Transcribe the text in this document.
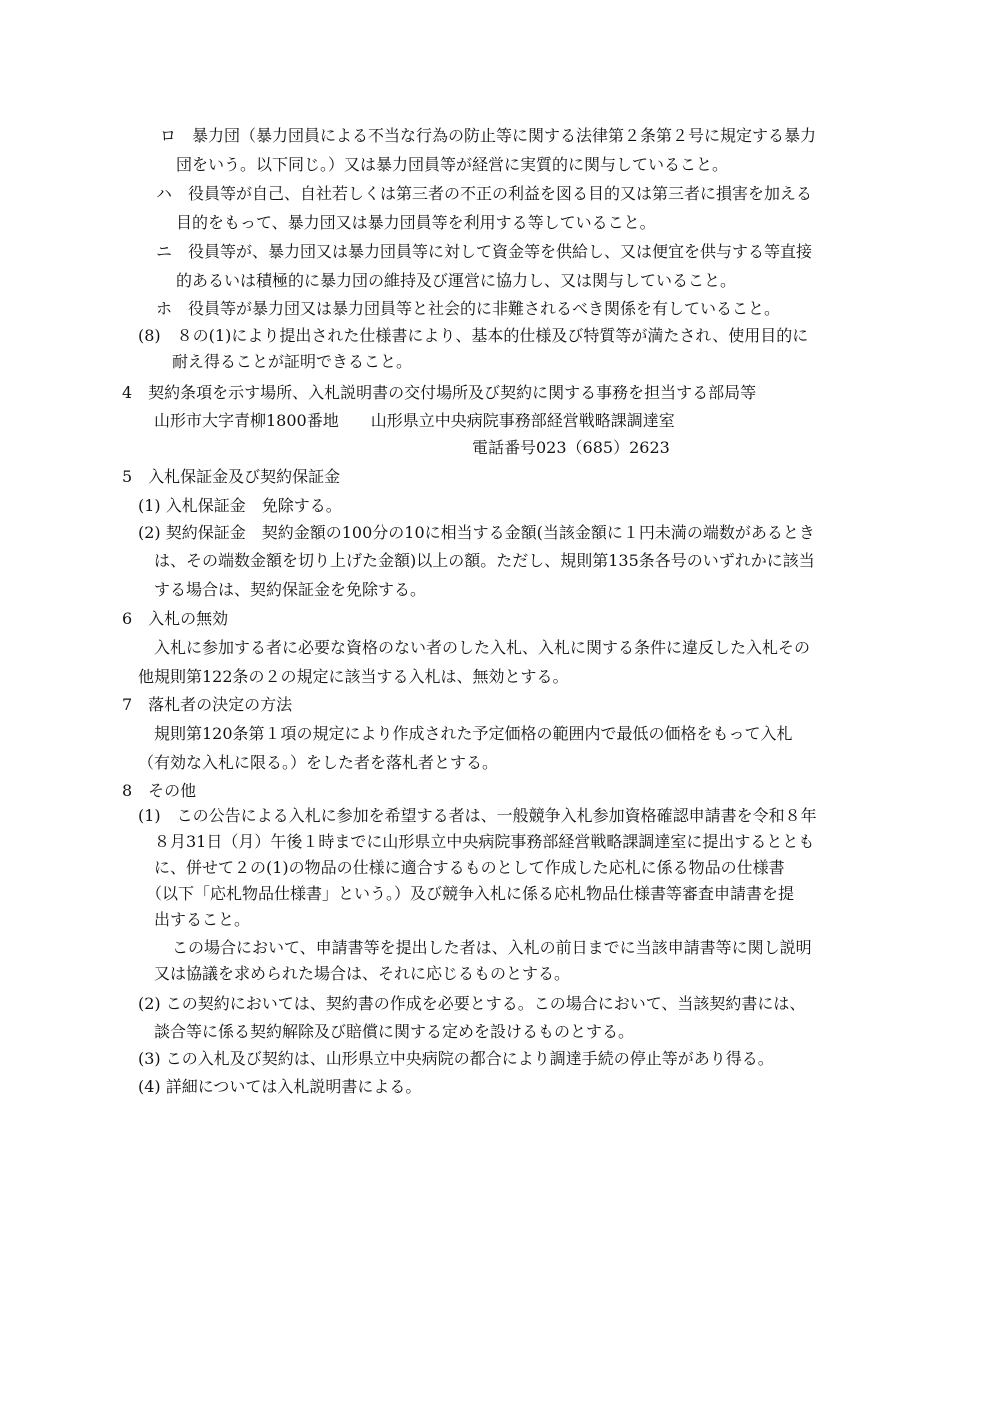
ロ　暴力団（暴力団員による不当な行為の防止等に関する法律第２条第２号に規定する暴力
団をいう。以下同じ。）又は暴力団員等が経営に実質的に関与していること。
ハ　役員等が自己、自社若しくは第三者の不正の利益を図る目的又は第三者に損害を加える
目的をもって、暴力団又は暴力団員等を利用する等していること。
ニ　役員等が、暴力団又は暴力団員等に対して資金等を供給し、又は便宜を供与する等直接
的あるいは積極的に暴力団の維持及び運営に協力し、又は関与していること。
ホ　役員等が暴力団又は暴力団員等と社会的に非難されるべき関係を有していること。
(8)　８の(1)により提出された仕様書により、基本的仕様及び特質等が満たされ、使用目的に
耐え得ることが証明できること。
4　契約条項を示す場所、入札説明書の交付場所及び契約に関する事務を担当する部局等
山形市大字青柳1800番地　　山形県立中央病院事務部経営戦略課調達室
電話番号023（685）2623
5　入札保証金及び契約保証金
(1) 入札保証金　免除する。
(2) 契約保証金　契約金額の100分の10に相当する金額(当該金額に１円未満の端数があるとき
は、その端数金額を切り上げた金額)以上の額。ただし、規則第135条各号のいずれかに該当
する場合は、契約保証金を免除する。
6　入札の無効
入札に参加する者に必要な資格のない者のした入札、入札に関する条件に違反した入札その
他規則第122条の２の規定に該当する入札は、無効とする。
7　落札者の決定の方法
規則第120条第１項の規定により作成された予定価格の範囲内で最低の価格をもって入札
（有効な入札に限る。）をした者を落札者とする。
8　その他
(1)　この公告による入札に参加を希望する者は、一般競争入札参加資格確認申請書を令和８年
８月31日（月）午後１時までに山形県立中央病院事務部経営戦略課調達室に提出するととも
に、併せて２の(1)の物品の仕様に適合するものとして作成した応札に係る物品の仕様書
（以下「応札物品仕様書」という。）及び競争入札に係る応札物品仕様書等審査申請書を提
出すること。
この場合において、申請書等を提出した者は、入札の前日までに当該申請書等に関し説明
又は協議を求められた場合は、それに応じるものとする。
(2) この契約においては、契約書の作成を必要とする。この場合において、当該契約書には、
談合等に係る契約解除及び賠償に関する定めを設けるものとする。
(3) この入札及び契約は、山形県立中央病院の都合により調達手続の停止等があり得る。
(4) 詳細については入札説明書による。
